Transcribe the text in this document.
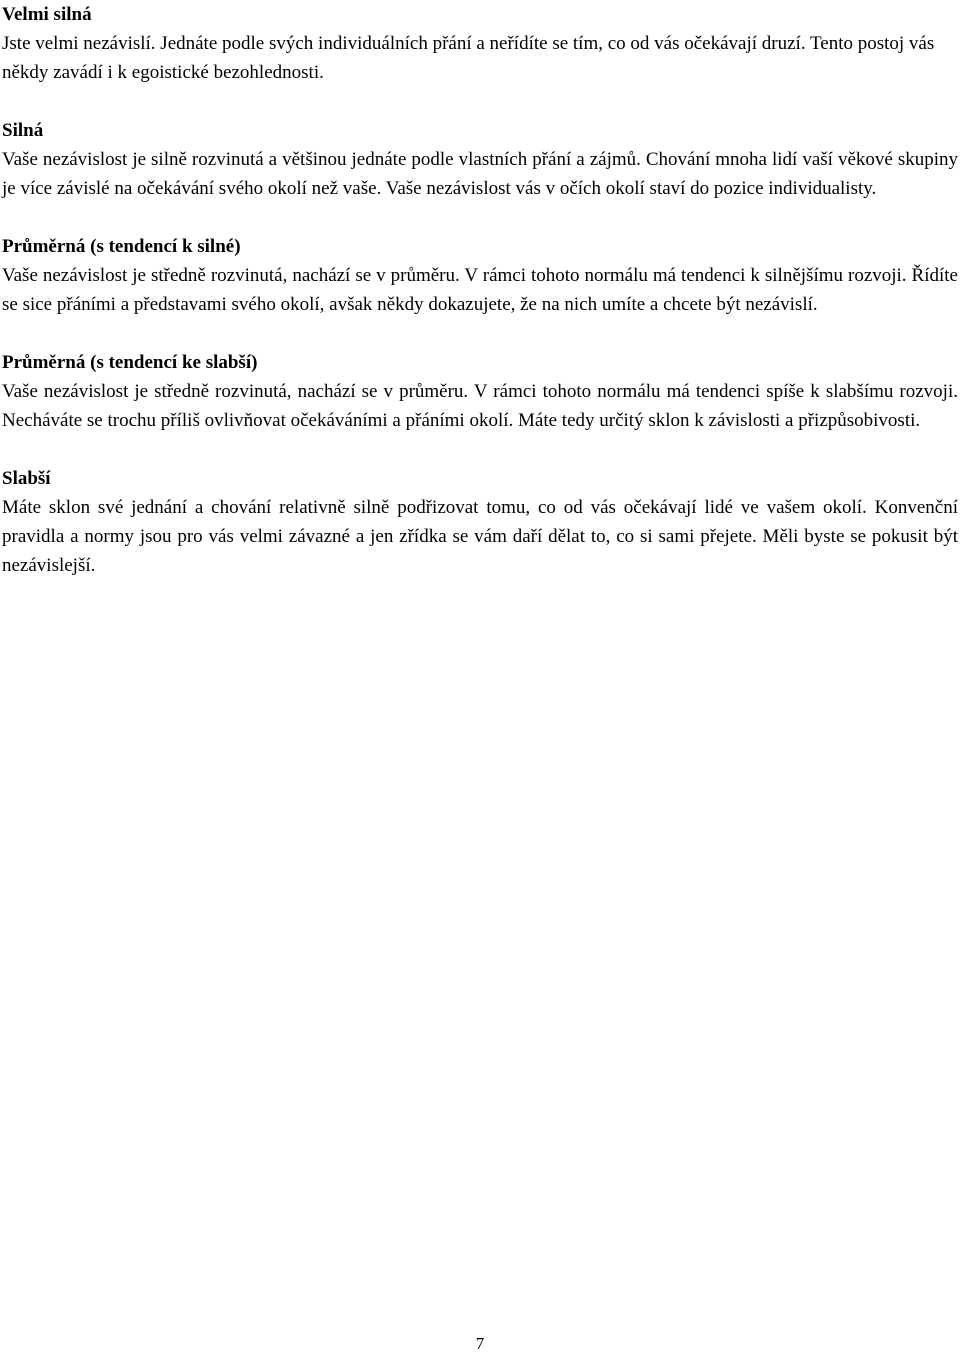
Velmi silná
Jste velmi nezávislí. Jednáte podle svých individuálních přání a neřídíte se tím, co od vás očekávají druzí. Tento postoj vás někdy zavádí i k egoistické bezohlednosti.
Silná
Vaše nezávislost je silně rozvinutá a většinou jednáte podle vlastních přání a zájmů. Chování mnoha lidí vaší věkové skupiny je více závislé na očekávání svého okolí než vaše. Vaše nezávislost vás v očích okolí staví do pozice individualisty.
Průměrná (s tendencí k silné)
Vaše nezávislost je středně rozvinutá, nachází se v průměru. V rámci tohoto normálu má tendenci k silnějšímu rozvoji. Řídíte se sice přáními a představami svého okolí, avšak někdy dokazujete, že na nich umíte a chcete být nezávislí.
Průměrná (s tendencí ke slabší)
Vaše nezávislost je středně rozvinutá, nachází se v průměru. V rámci tohoto normálu má tendenci spíše k slabšímu rozvoji. Necháváte se trochu příliš ovlivňovat očekáváními a přáními okolí. Máte tedy určitý sklon k závislosti a přizpůsobivosti.
Slabší
Máte sklon své jednání a chování relativně silně podřizovat tomu, co od vás očekávají lidé ve vašem okolí. Konvenční pravidla a normy jsou pro vás velmi závazné a jen zřídka se vám daří dělat to, co si sami přejete. Měli byste se pokusit být nezávislejší.
7
